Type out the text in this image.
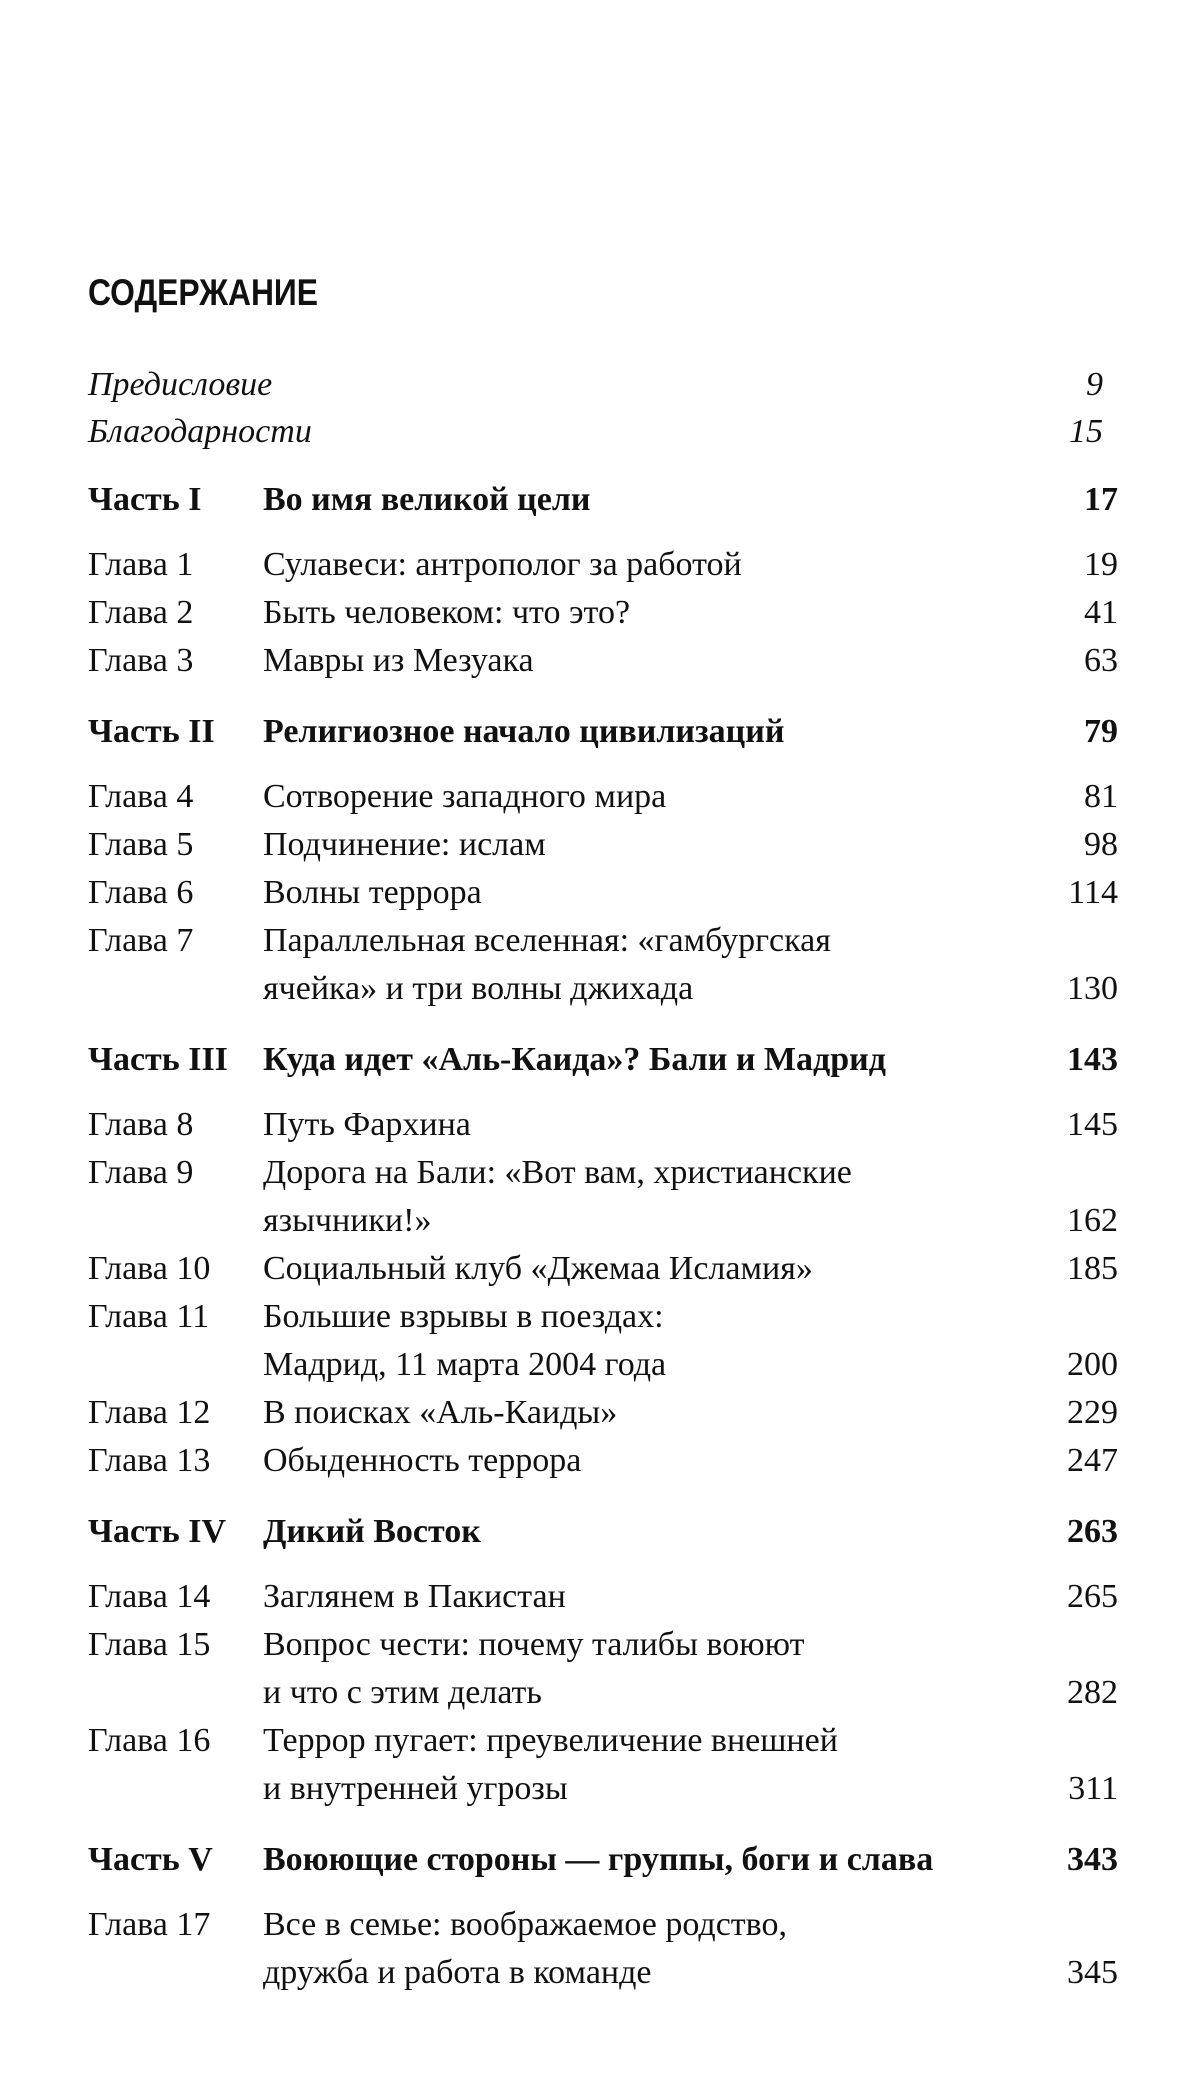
СОДЕРЖАНИЕ
Предисловие	9
Благодарности	15
Часть I Во имя великой цели	17
Глава 1 Сулавеси: антрополог за работой	19
Глава 2 Быть человеком: что это?	41
Глава 3 Мавры из Мезуака	63
Часть II Религиозное начало цивилизаций	79
Глава 4 Сотворение западного мира	81
Глава 5 Подчинение: ислам	98
Глава 6 Волны террора	114
Глава 7 Параллельная вселенная: «гамбургская
ячейка» и три волны джихада	130
Часть III Куда идет «Аль-Каида»? Бали и Мадрид	143
Глава 8 Путь Фархина	145
Глава 9 Дорога на Бали: «Вот вам, христианские
язычники!»	162
Глава 10 Социальный клуб «Джемаа Исламия»	185
Глава 11 Большие взрывы в поездах:
Мадрид, 11 марта 2004 года	200
Глава 12 В поисках «Аль-Каиды»	229
Глава 13 Обыденность террора	247
Часть IV Дикий Восток	263
Глава 14 Заглянем в Пакистан	265
Глава 15 Вопрос чести: почему талибы воюют
и что с этим делать	282
Глава 16 Террор пугает: преувеличение внешней
и внутренней угрозы	311
Часть V Воюющие стороны — группы, боги и слава	343
Глава 17 Все в семье: воображаемое родство,
дружба и работа в команде	345
